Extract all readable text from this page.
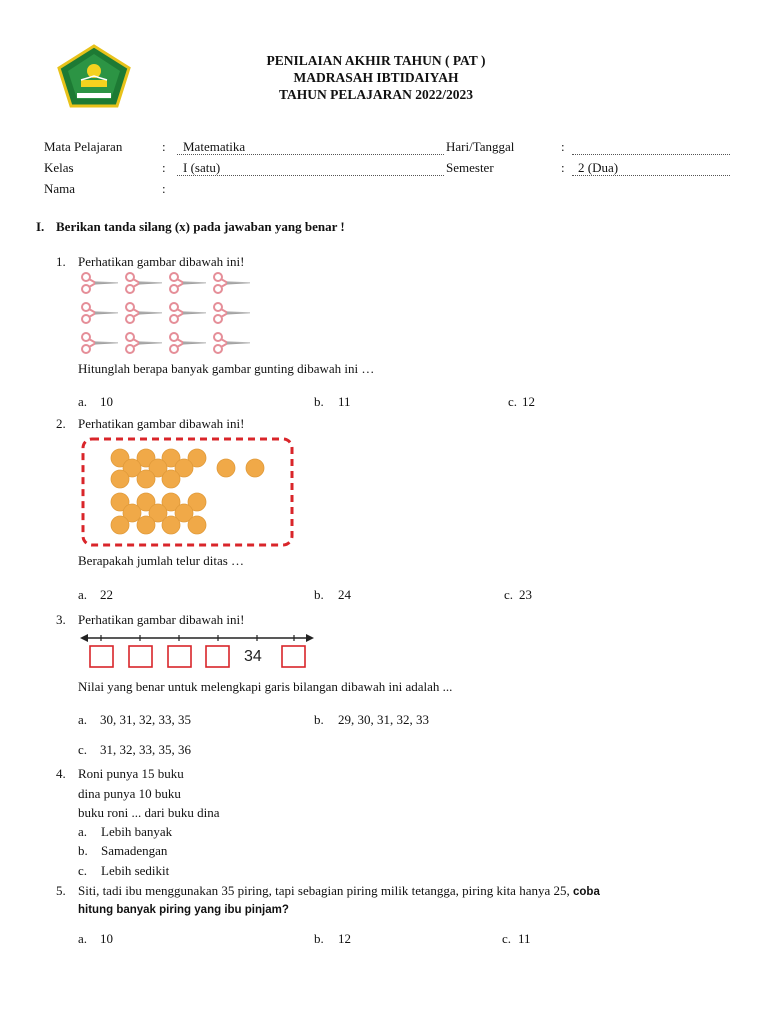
PENILAIAN AKHIR TAHUN ( PAT )
MADRASAH IBTIDAIYAH
TAHUN PELAJARAN 2022/2023
Mata Pelajaran	:	Matematika	Hari/Tanggal	:
Kelas	:	I (satu)	Semester	:	2 (Dua)
Nama	:
I. Berikan tanda silang (x) pada jawaban yang benar !
1. Perhatikan gambar dibawah ini!
Hitunglah berapa banyak gambar gunting dibawah ini …
a. 10	b. 11	c. 12
2. Perhatikan gambar dibawah ini!
Berapakah jumlah telur ditas …
a. 22	b. 24	c. 23
3. Perhatikan gambar dibawah ini!
34
Nilai yang benar untuk melengkapi garis bilangan dibawah ini adalah ...
a. 30, 31, 32, 33, 35	b. 29, 30, 31, 32, 33
c. 31, 32, 33, 35, 36
4. Roni punya 15 buku
dina punya 10 buku
buku roni ... dari buku dina
a. Lebih banyak
b. Samadengan
c. Lebih sedikit
5. Siti, tadi ibu menggunakan 35 piring, tapi sebagian piring milik tetangga, piring kita hanya 25, coba
hitung banyak piring yang ibu pinjam?
a. 10	b. 12	c. 11
